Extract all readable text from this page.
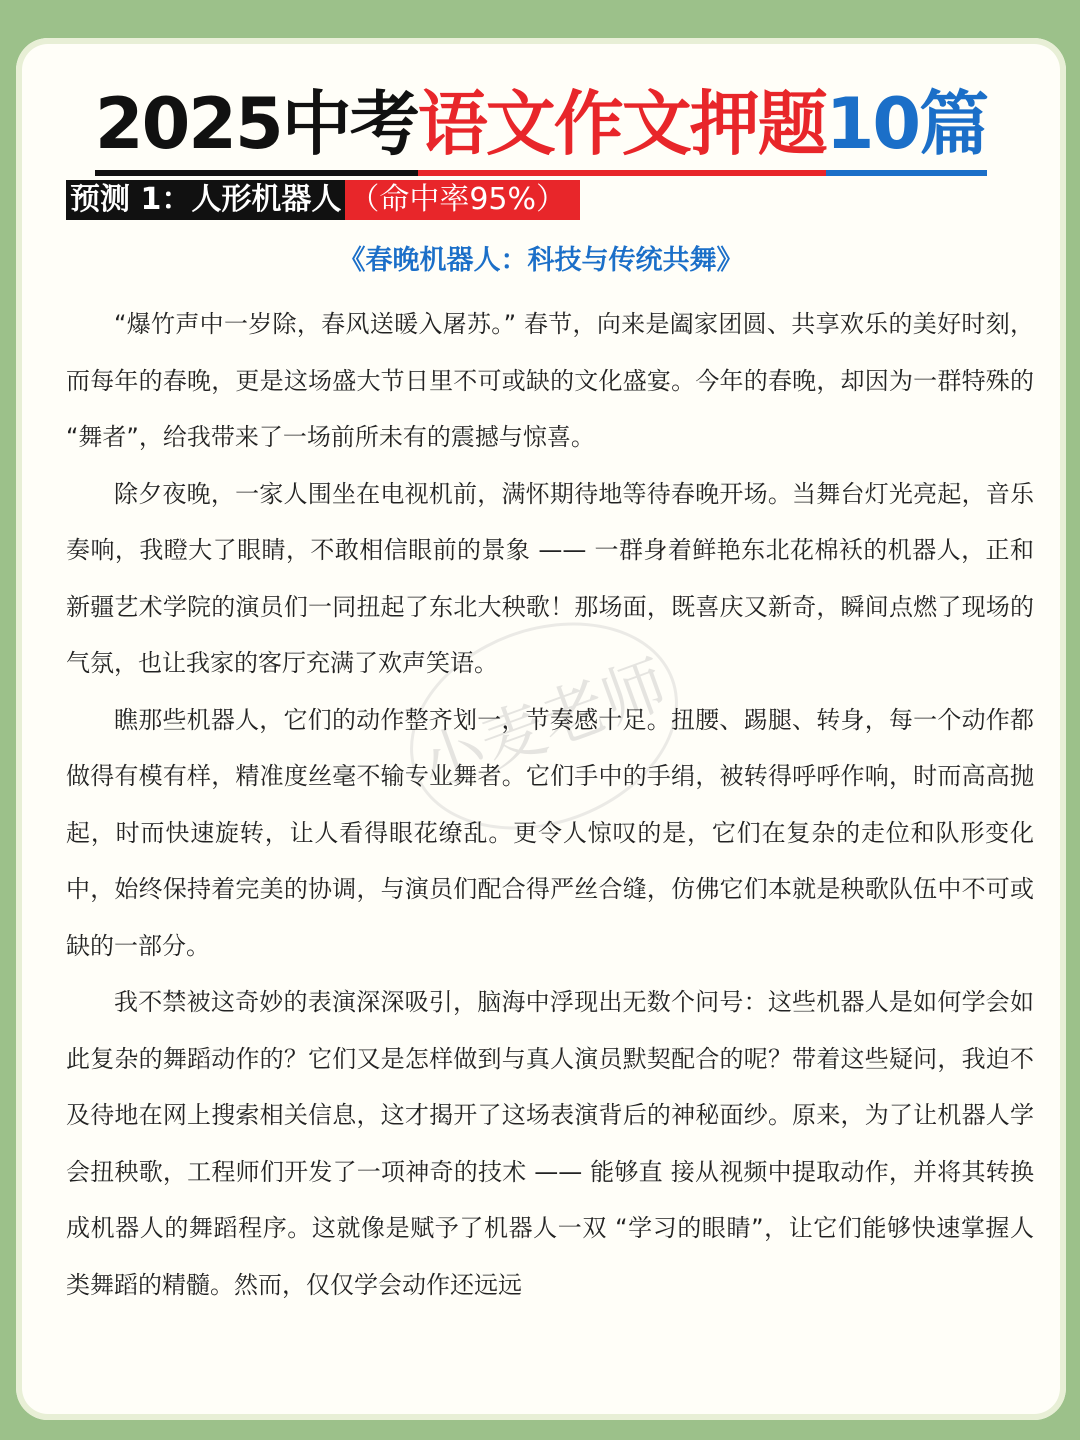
2025中考语文作文押题10篇
预测 1：人形机器人 （命中率95%）
《春晚机器人：科技与传统共舞》
小麦老师

“爆竹声中一岁除，春风送暖入屠苏。” 春节，向来是阖家团圆、共享欢乐的美好时刻，而每年的春晚，更是这场盛大节日里不可或缺的文化盛宴。今年的春晚，却因为一群特殊的 “舞者”，给我带来了一场前所未有的震撼与惊喜。

除夕夜晚，一家人围坐在电视机前，满怀期待地等待春晚开场。当舞台灯光亮起，音乐奏响，我瞪大了眼睛，不敢相信眼前的景象 —— 一群身着鲜艳东北花棉袄的机器人，正和新疆艺术学院的演员们一同扭起了东北大秧歌！那场面，既喜庆又新奇，瞬间点燃了现场的气氛，也让我家的客厅充满了欢声笑语。

瞧那些机器人，它们的动作整齐划一，节奏感十足。扭腰、踢腿、转身，每一个动作都做得有模有样，精准度丝毫不输专业舞者。它们手中的手绢，被转得呼呼作响，时而高高抛起，时而快速旋转，让人看得眼花缭乱。更令人惊叹的是，它们在复杂的走位和队形变化中，始终保持着完美的协调，与演员们配合得严丝合缝，仿佛它们本就是秧歌队伍中不可或缺的一部分。

我不禁被这奇妙的表演深深吸引，脑海中浮现出无数个问号：这些机器人是如何学会如此复杂的舞蹈动作的？它们又是怎样做到与真人演员默契配合的呢？带着这些疑问，我迫不及待地在网上搜索相关信息，这才揭开了这场表演背后的神秘面纱。原来，为了让机器人学会扭秧歌，工程师们开发了一项神奇的技术 —— 能够直 接从视频中提取动作，并将其转换成机器人的舞蹈程序。这就像是赋予了机器人一双 “学习的眼睛”，让它们能够快速掌握人类舞蹈的精髓。然而，仅仅学会动作还远远
